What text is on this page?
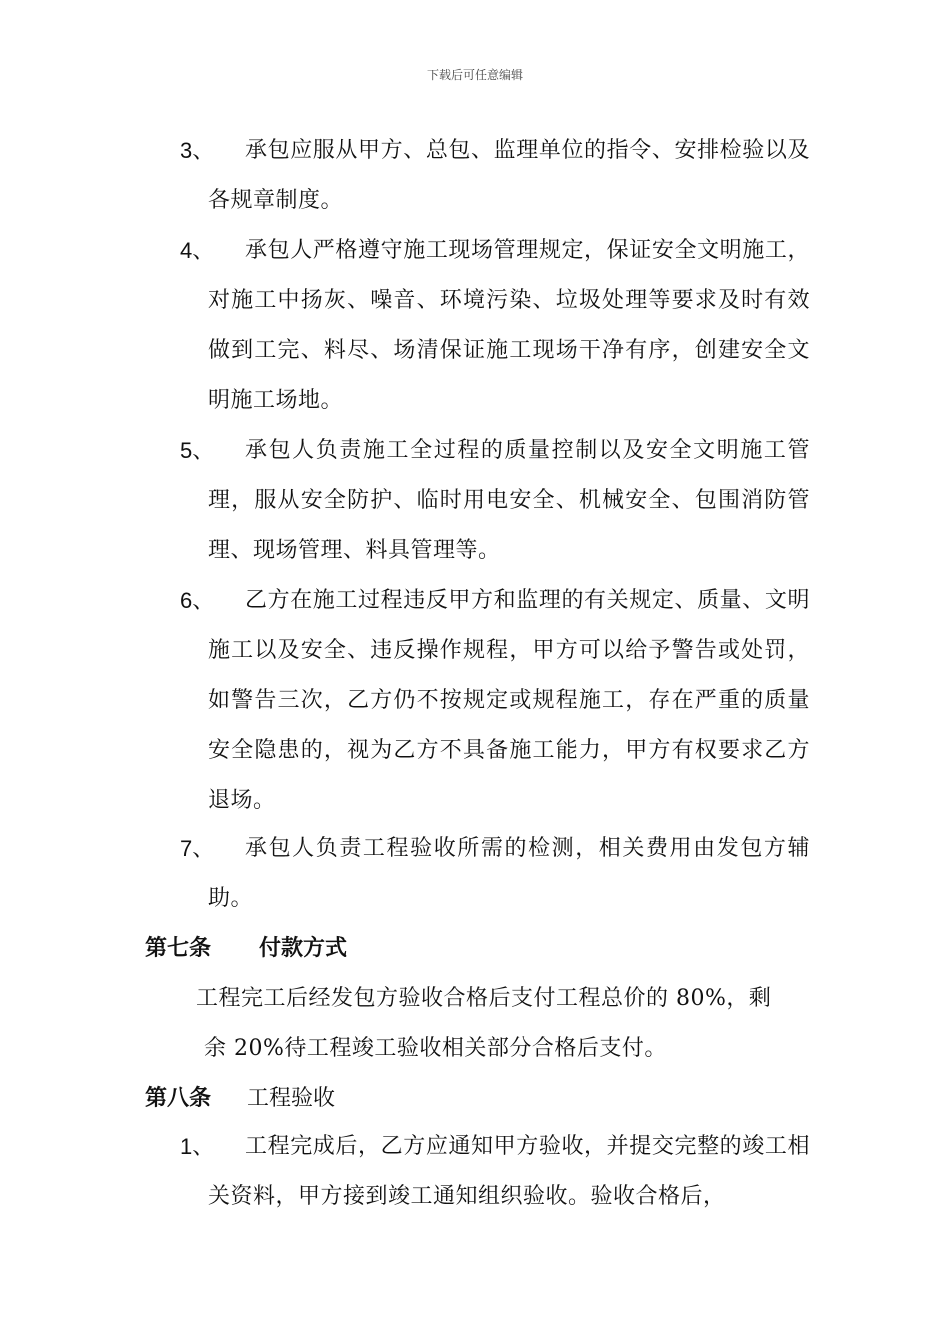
下载后可任意编辑
3、	承包应服从甲方、总包、监理单位的指令、安排检验以及各规章制度。
4、	承包人严格遵守施工现场管理规定，保证安全文明施工，对施工中扬灰、噪音、环境污染、垃圾处理等要求及时有效做到工完、料尽、场清保证施工现场干净有序，创建安全文明施工场地。
5、	承包人负责施工全过程的质量控制以及安全文明施工管理，服从安全防护、临时用电安全、机械安全、包围消防管理、现场管理、料具管理等。
6、	乙方在施工过程违反甲方和监理的有关规定、质量、文明施工以及安全、违反操作规程，甲方可以给予警告或处罚，如警告三次，乙方仍不按规定或规程施工，存在严重的质量安全隐患的，视为乙方不具备施工能力，甲方有权要求乙方退场。
7、	承包人负责工程验收所需的检测，相关费用由发包方辅助。
第七条 付款方式
工程完工后经发包方验收合格后支付工程总价的 80%，剩
余 20%待工程竣工验收相关部分合格后支付。
第八条 工程验收
1、	工程完成后，乙方应通知甲方验收，并提交完整的竣工相关资料，甲方接到竣工通知组织验收。验收合格后，
